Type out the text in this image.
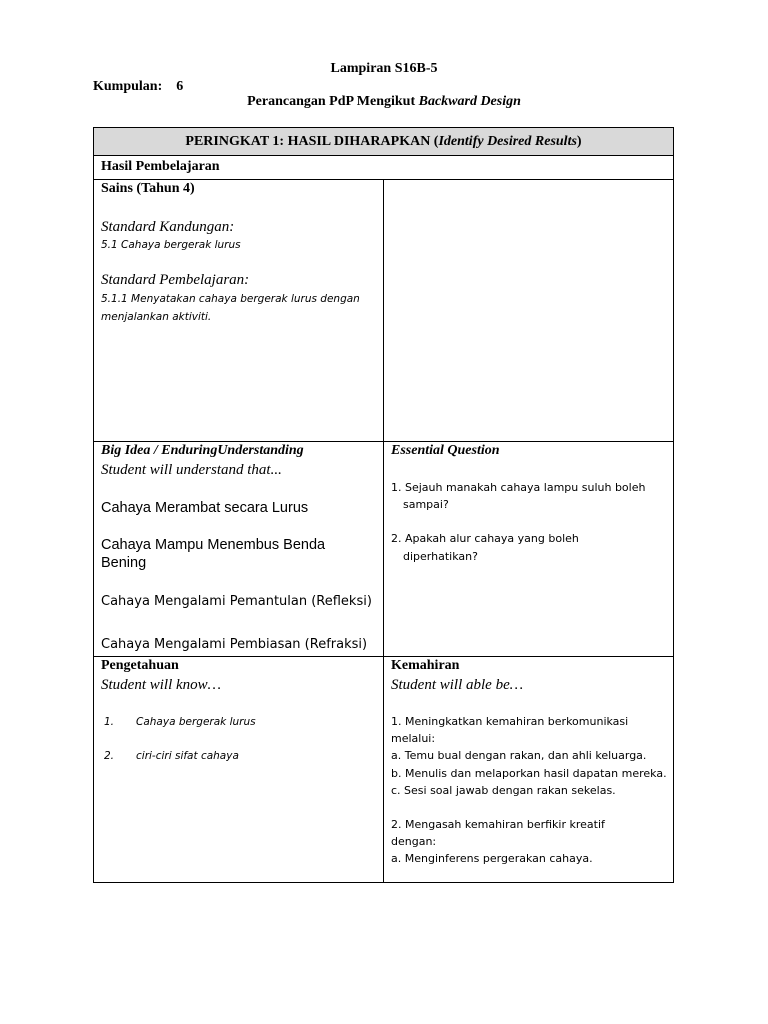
Lampiran S16B-5
Kumpulan: 6
Perancangan PdP Mengikut Backward Design
PERINGKAT 1: HASIL DIHARAPKAN (Identify Desired Results)
Hasil Pembelajaran
Sains (Tahun 4)
Standard Kandungan:
5.1 Cahaya bergerak lurus
Standard Pembelajaran:
5.1.1 Menyatakan cahaya bergerak lurus dengan
menjalankan aktiviti.
Big Idea / EnduringUnderstanding
Student will understand that...
Cahaya Merambat secara Lurus
Cahaya Mampu Menembus Benda
Bening
Cahaya Mengalami Pemantulan (Refleksi)
Cahaya Mengalami Pembiasan (Refraksi)
Essential Question
1. Sejauh manakah cahaya lampu suluh boleh
sampai?
2. Apakah alur cahaya yang boleh
diperhatikan?
Pengetahuan
Student will know…
1. Cahaya bergerak lurus
2. ciri-ciri sifat cahaya
Kemahiran
Student will able be…
1. Meningkatkan kemahiran berkomunikasi
melalui:
a. Temu bual dengan rakan, dan ahli keluarga.
b. Menulis dan melaporkan hasil dapatan mereka.
c. Sesi soal jawab dengan rakan sekelas.
2. Mengasah kemahiran berfikir kreatif
dengan:
a. Menginferens pergerakan cahaya.
